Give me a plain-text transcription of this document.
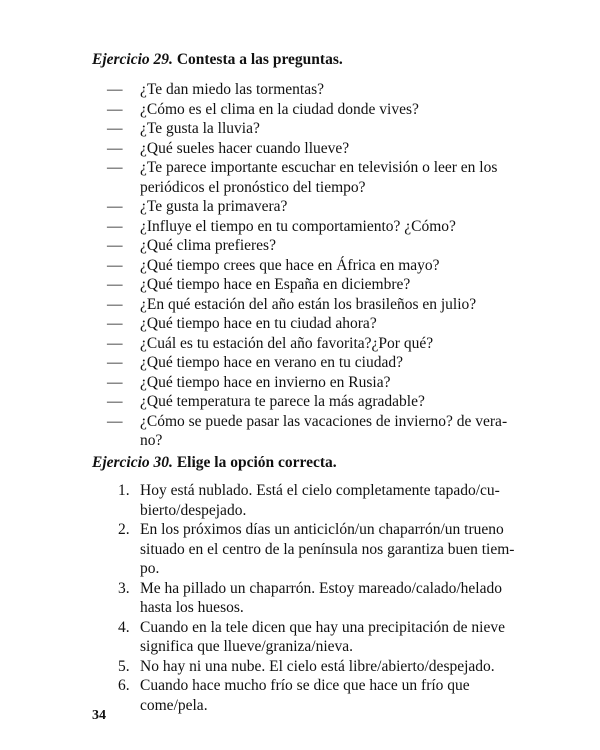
Ejercicio 29. Contesta a las preguntas.
— ¿Te dan miedo las tormentas?
— ¿Cómo es el clima en la ciudad donde vives?
— ¿Te gusta la lluvia?
— ¿Qué sueles hacer cuando llueve?
— ¿Te parece importante escuchar en televisión o leer en los periódicos el pronóstico del tiempo?
— ¿Te gusta la primavera?
— ¿Influye el tiempo en tu comportamiento? ¿Cómo?
— ¿Qué clima prefieres?
— ¿Qué tiempo crees que hace en África en mayo?
— ¿Qué tiempo hace en España en diciembre?
— ¿En qué estación del año están los brasileños en julio?
— ¿Qué tiempo hace en tu ciudad ahora?
— ¿Cuál es tu estación del año favorita?¿Por qué?
— ¿Qué tiempo hace en verano en tu ciudad?
— ¿Qué tiempo hace en invierno en Rusia?
— ¿Qué temperatura te parece la más agradable?
— ¿Cómo se puede pasar las vacaciones de invierno? de vera-no?
Ejercicio 30. Elige la opción correcta.
1. Hoy está nublado. Está el cielo completamente tapado/cu-bierto/despejado.
2. En los próximos días un anticiclón/un chaparrón/un trueno situado en el centro de la península nos garantiza buen tiem-po.
3. Me ha pillado un chaparrón. Estoy mareado/calado/helado hasta los huesos.
4. Cuando en la tele dicen que hay una precipitación de nieve significa que llueve/graniza/nieva.
5. No hay ni una nube. El cielo está libre/abierto/despejado.
6. Cuando hace mucho frío se dice que hace un frío que come/pela.
34
